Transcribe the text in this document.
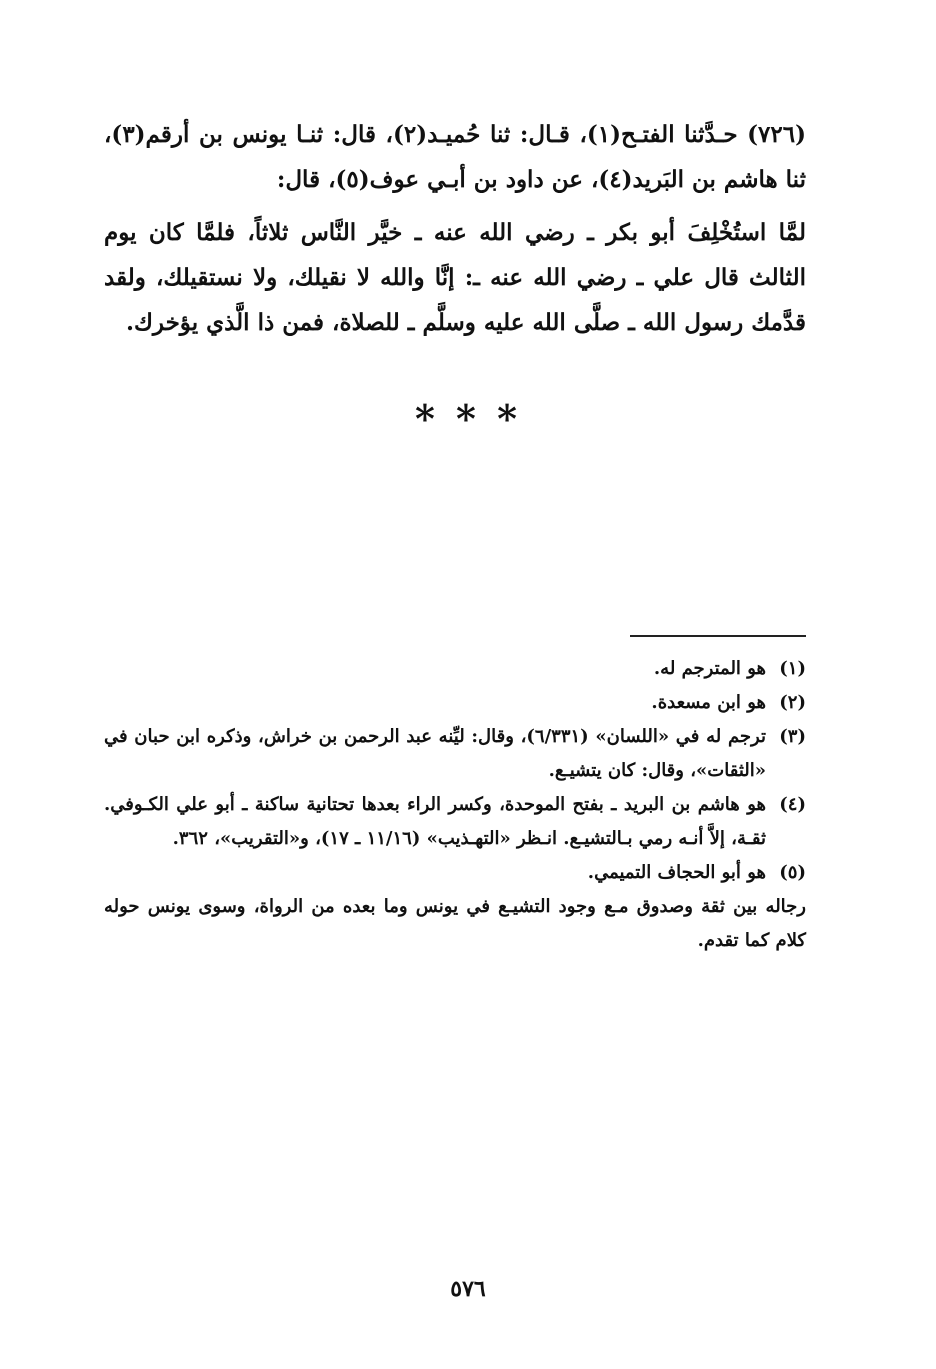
(٧٢٦) حـدَّثنا الفتـح(١)، قـال: ثنا حُميـد(٢)، قال: ثنـا يونس بن أرقم(٣)، ثنا هاشم بن البَريد(٤)، عن داود بن أبـي عوف(٥)، قال:

لمَّا استُخْلِفَ أبو بكر ـ رضي الله عنه ـ خيَّر النَّاس ثلاثاً، فلمَّا كان يوم الثالث قال علي ـ رضي الله عنه ـ: إنَّا والله لا نقيلك، ولا نستقيلك، ولقد قدَّمك رسول الله ـ صلَّى الله عليه وسلَّم ـ للصلاة، فمن ذا الَّذي يؤخرك.

* * *
(١)
هو المترجم له.
(٢)
هو ابن مسعدة.
(٣)
ترجم له في «اللسان» (٦/٣٣١)، وقال: ليِّنه عبد الرحمن بن خراش، وذكره ابن حبان في «الثقات»، وقال: كان يتشيـع.
(٤)
هو هاشم بن البريد ـ بفتح الموحدة، وكسر الراء بعدها تحتانية ساكنة ـ أبو علي الكـوفي. ثقـة، إلاَّ أنـه رمي بـالتشيـع. انـظر «التهـذيب» (١١/١٦ ـ ١٧)، و«التقريب»، ٣٦٢.
(٥)
هو أبو الحجاف التميمي.
رجاله بين ثقة وصدوق مـع وجود التشيـع في يونس وما بعده من الرواة، وسوى يونس حوله كلام كما تقدم.
٥٧٦
